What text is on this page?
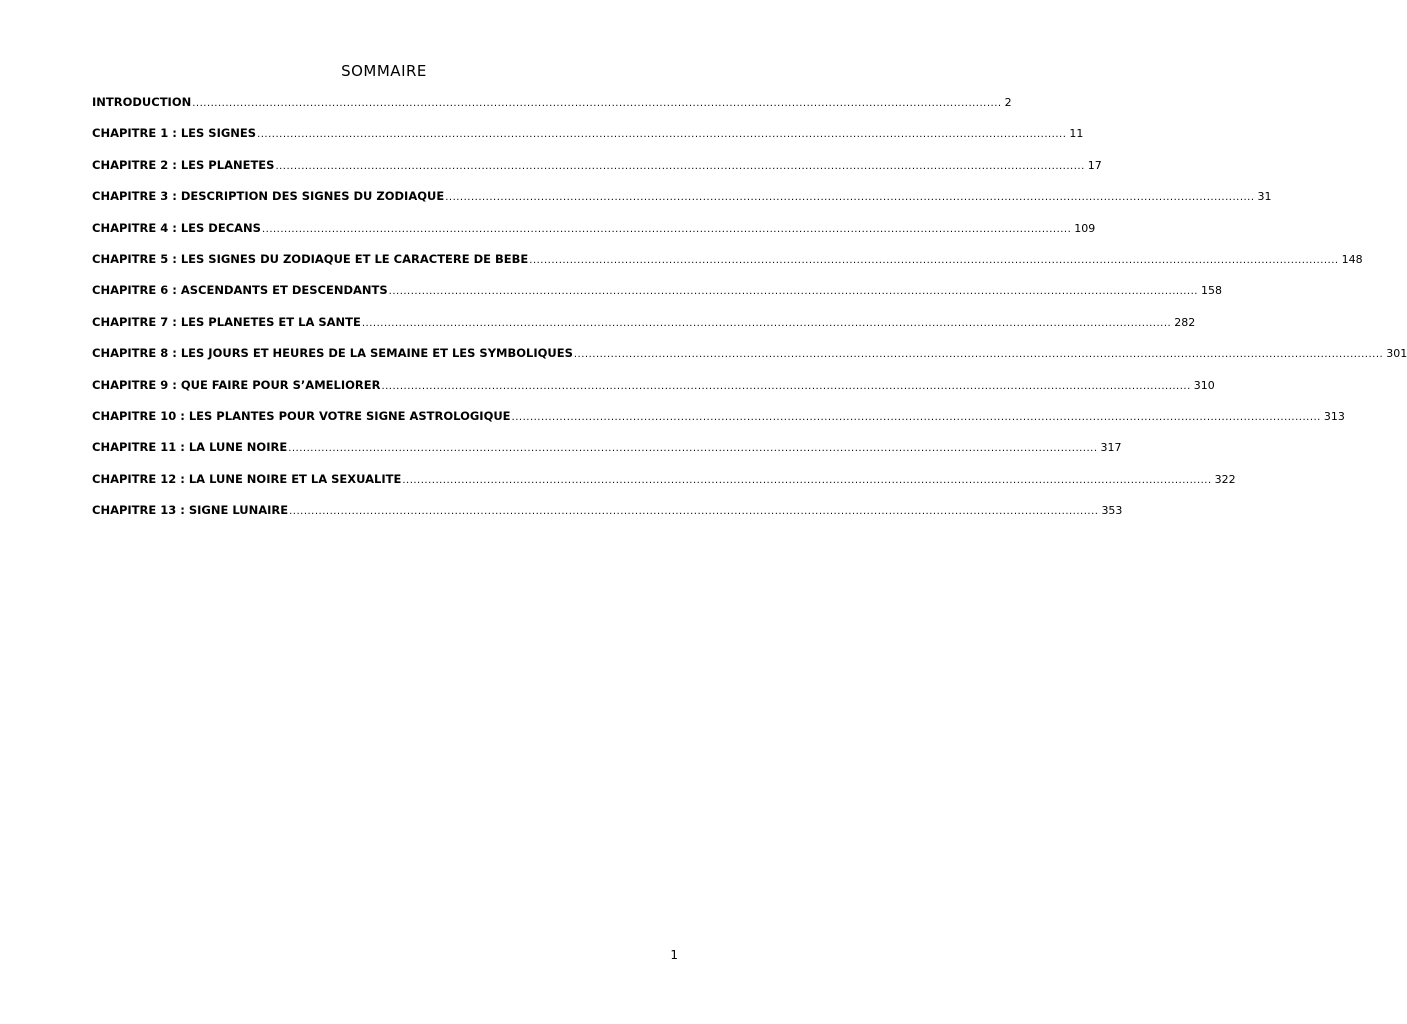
SOMMAIRE
INTRODUCTION ............................................................................................................................................................................................................................ 2
CHAPITRE 1 : LES SIGNES ............................................................................................................................................................................................................................ 11
CHAPITRE 2 : LES PLANETES ............................................................................................................................................................................................................................ 17
CHAPITRE 3 : DESCRIPTION DES SIGNES DU ZODIAQUE ............................................................................................................................................................................................................................ 31
CHAPITRE 4 : LES DECANS ............................................................................................................................................................................................................................ 109
CHAPITRE 5 : LES SIGNES DU ZODIAQUE ET LE CARACTERE DE BEBE ............................................................................................................................................................................................................................ 148
CHAPITRE 6 : ASCENDANTS ET DESCENDANTS ............................................................................................................................................................................................................................ 158
CHAPITRE 7 : LES PLANETES ET LA SANTE ............................................................................................................................................................................................................................ 282
CHAPITRE 8 : LES JOURS ET HEURES DE LA SEMAINE ET LES SYMBOLIQUES ............................................................................................................................................................................................................................ 301
CHAPITRE 9 : QUE FAIRE POUR S’AMELIORER ............................................................................................................................................................................................................................ 310
CHAPITRE 10 : LES PLANTES POUR VOTRE SIGNE ASTROLOGIQUE ............................................................................................................................................................................................................................ 313
CHAPITRE 11 : LA LUNE NOIRE ............................................................................................................................................................................................................................ 317
CHAPITRE 12 : LA LUNE NOIRE ET LA SEXUALITE ............................................................................................................................................................................................................................ 322
CHAPITRE 13 : SIGNE LUNAIRE ............................................................................................................................................................................................................................ 353
1
